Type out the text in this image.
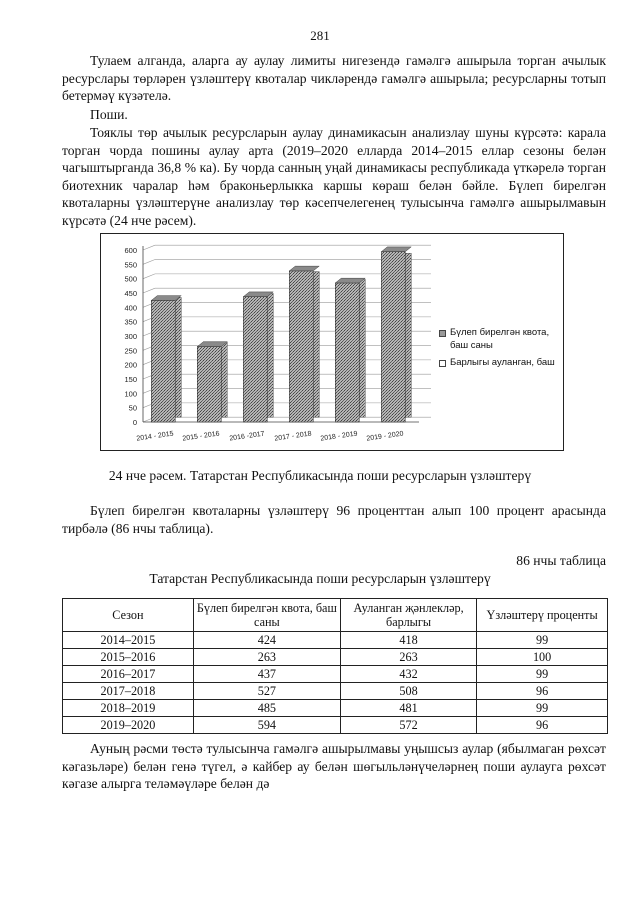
281

Тулаем алганда, аларга ау аулау лимиты нигезендә гамәлгә ашырыла торган ачылык ресурслары төрләрен үзләштерү квоталар чикләрендә гамәлгә ашырыла; ресурсларны тотып бетермәү күзәтелә.

Поши.

Тояклы төр ачылык ресурсларын аулау динамикасын анализлау шуны күрсәтә: карала торган чорда пошины аулау арта (2019–2020 елларда 2014–2015 еллар сезоны белән чагыштырганда 36,8 % ка). Бу чорда санның уңай динамикасы республикада үткәрелә торган биотехник чаралар һәм браконьерлыкка каршы көраш белән бәйле. Бүлеп бирелгән квоталарны үзләштерүне анализлау төр кәсепчелегенең тулысынча гамәлгә ашырылмавын күрсәтә (24 нче рәсем).

0
50
100
150
200
250
300
350
400
450
500
550
600
2014 - 2015 2015 - 2016 2016 -2017 2017 - 2018 2018 - 2019 2019 - 2020
Бүлеп бирелгән квота, баш саны
Барлыгы ауланган, баш
24 нче рәсем. Татарстан Республикасында поши ресурсларын үзләштерү

Бүлеп бирелгән квоталарны үзләштерү 96 проценттан алып 100 процент арасында тирбәлә (86 нчы таблица).

86 нчы таблица
Татарстан Республикасында поши ресурсларын үзләштерү
Сезон	Бүлеп бирелгән квота, баш саны	Ауланган җәнлекләр, барлыгы	Үзләштерү проценты
2014–2015	424	418	99
2015–2016	263	263	100
2016–2017	437	432	99
2017–2018	527	508	96
2018–2019	485	481	99
2019–2020	594	572	96

Ауның рәсми төстә тулысынча гамәлгә ашырылмавы уңышсыз аулар (ябылмаган рөхсәт кәгазьләре) белән генә түгел, ә кайбер ау белән шөгыльләнүчеләрнең поши аулауга рөхсәт кәгазе алырга теләмәүләре белән дә
